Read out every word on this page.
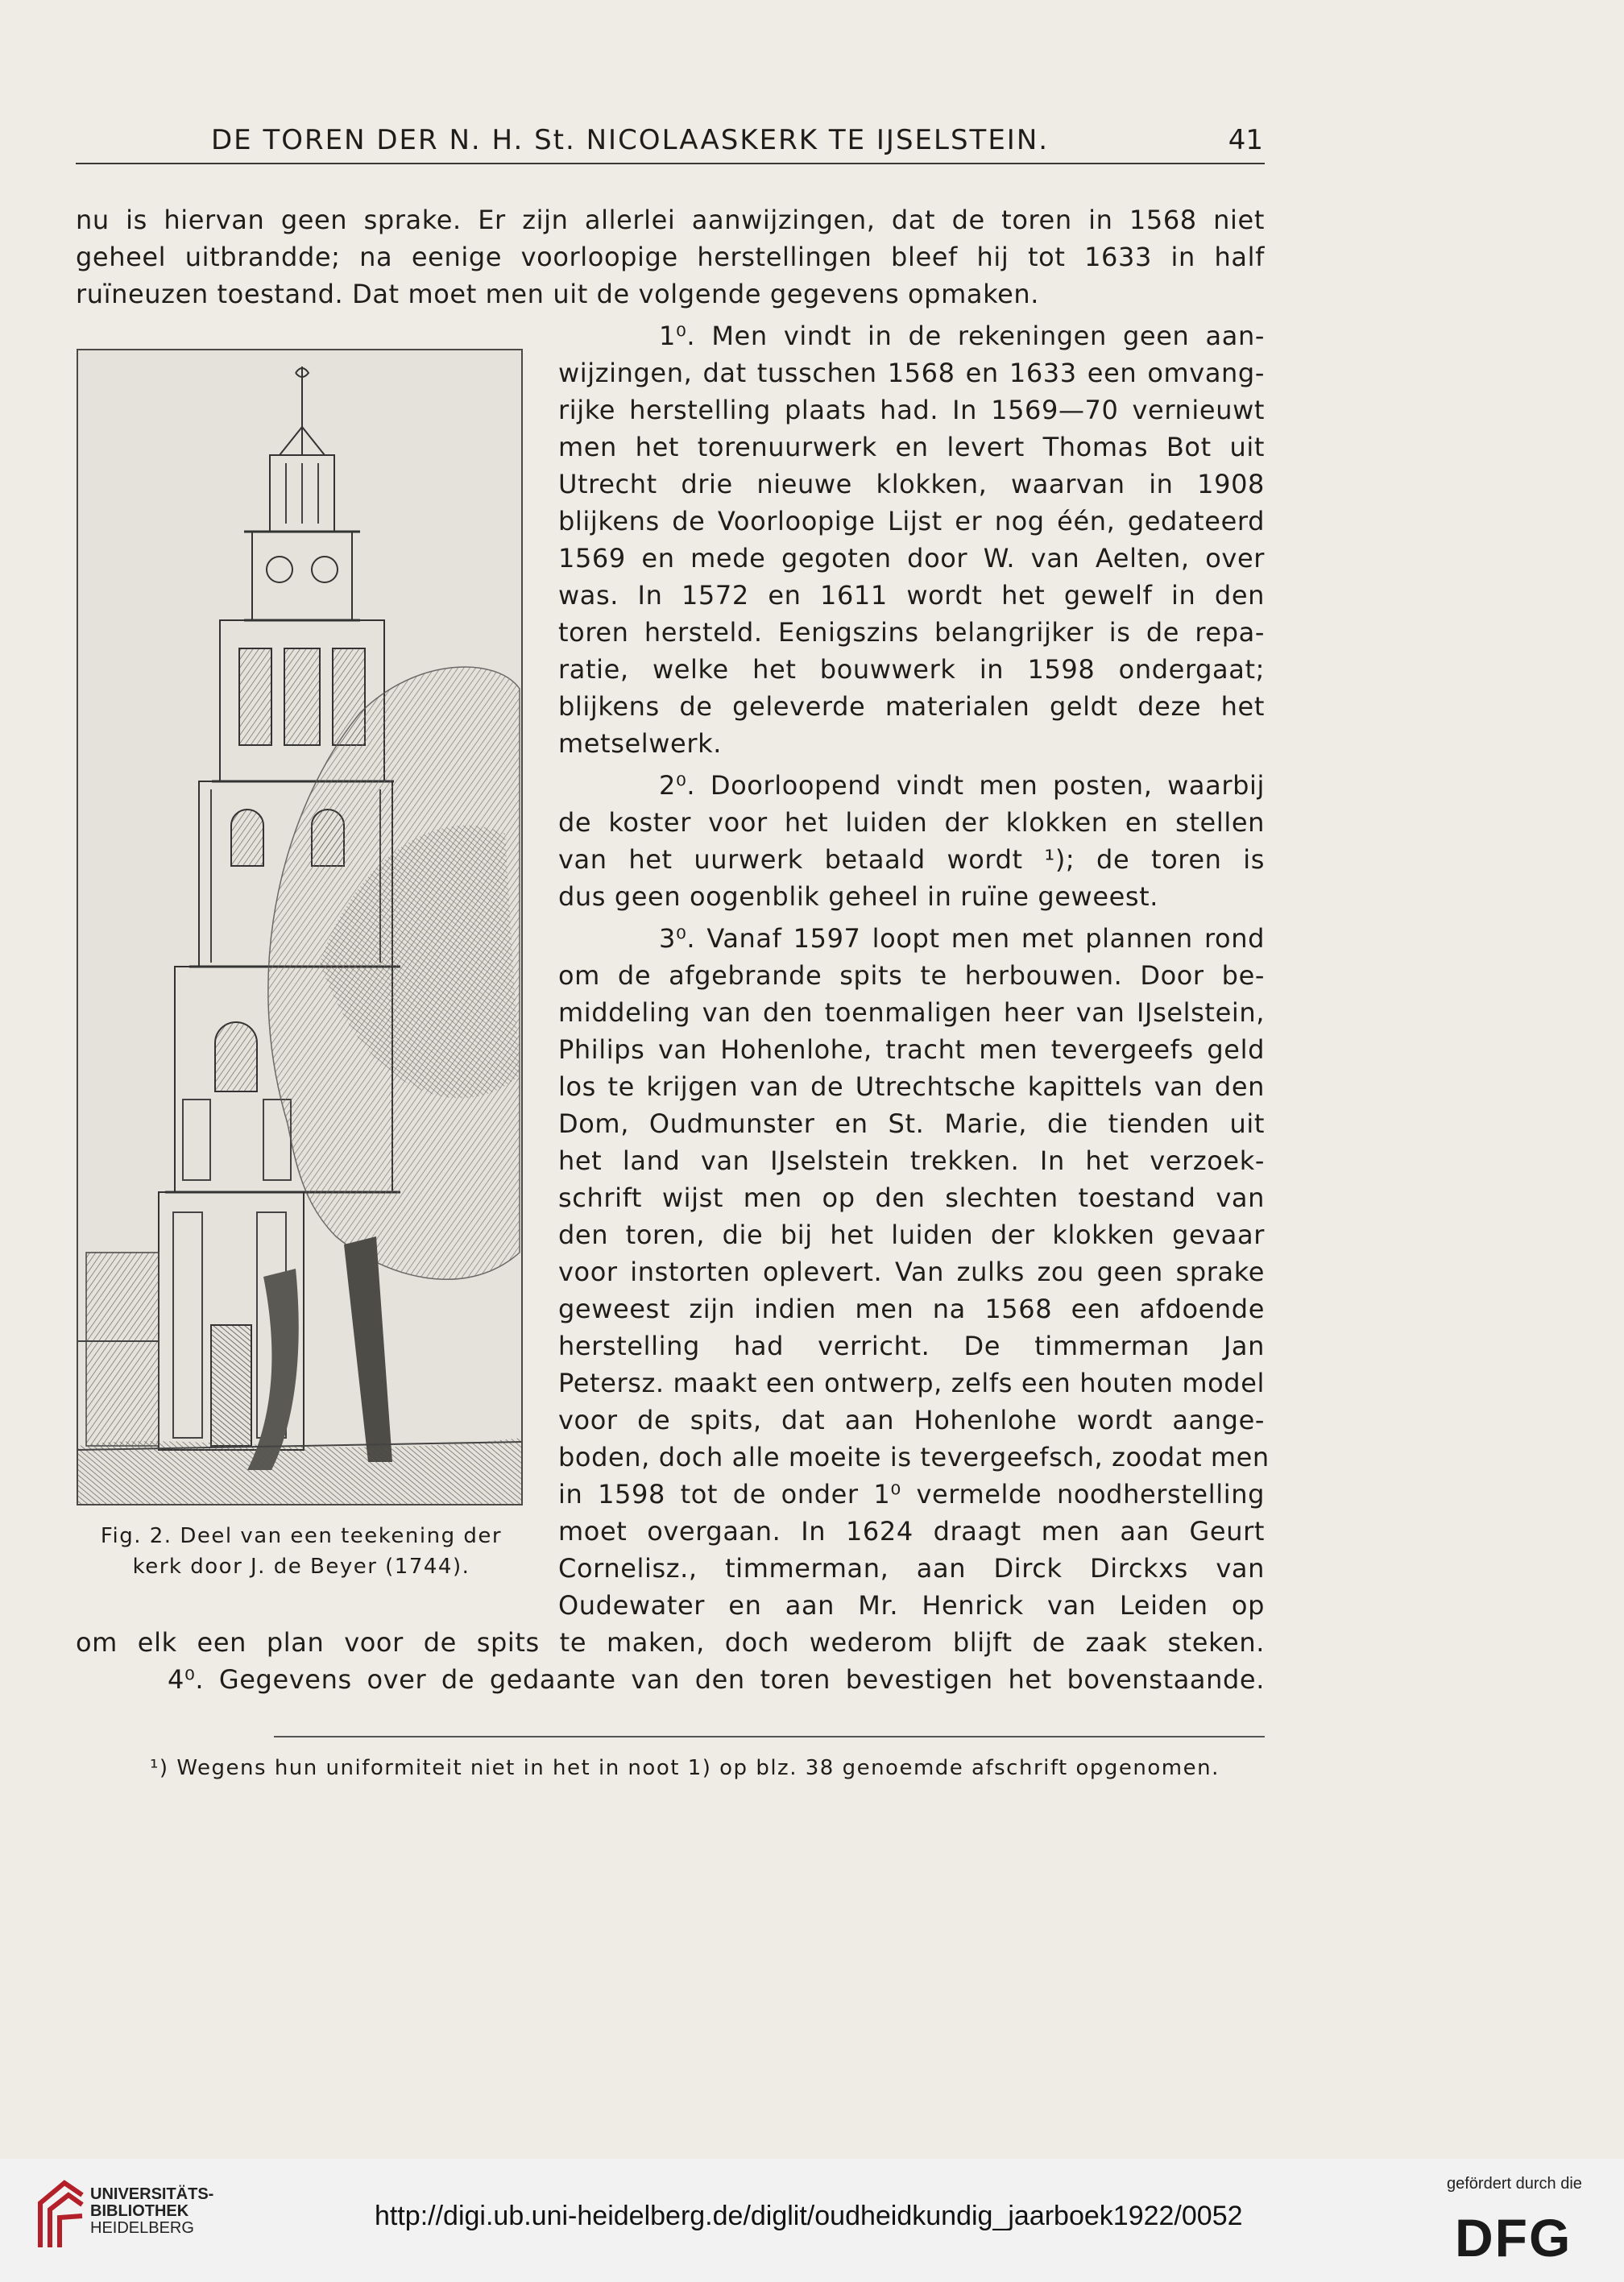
DE TOREN DER N. H. St. NICOLAASKERK TE IJSELSTEIN.	41
nu is hiervan geen sprake. Er zijn allerlei aanwijzingen, dat de toren in 1568 niet
geheel uitbrandde; na eenige voorloopige herstellingen bleef hij tot 1633 in half
ruïneuzen toestand. Dat moet men uit de volgende gegevens opmaken.
1⁰. Men vindt in de rekeningen geen aan-
wijzingen, dat tusschen 1568 en 1633 een omvang-
rijke herstelling plaats had. In 1569—70 vernieuwt
men het torenuurwerk en levert Thomas Bot uit
Utrecht drie nieuwe klokken, waarvan in 1908
blijkens de Voorloopige Lijst er nog één, gedateerd
1569 en mede gegoten door W. van Aelten, over
was. In 1572 en 1611 wordt het gewelf in den
toren hersteld. Eenigszins belangrijker is de repa-
ratie, welke het bouwwerk in 1598 ondergaat;
blijkens de geleverde materialen geldt deze het
metselwerk.
2⁰. Doorloopend vindt men posten, waarbij
de koster voor het luiden der klokken en stellen
van het uurwerk betaald wordt ¹); de toren is
dus geen oogenblik geheel in ruïne geweest.
3⁰. Vanaf 1597 loopt men met plannen rond
om de afgebrande spits te herbouwen. Door be-
middeling van den toenmaligen heer van IJselstein,
Philips van Hohenlohe, tracht men tevergeefs geld
los te krijgen van de Utrechtsche kapittels van den
Dom, Oudmunster en St. Marie, die tienden uit
het land van IJselstein trekken. In het verzoek-
schrift wijst men op den slechten toestand van
den toren, die bij het luiden der klokken gevaar
voor instorten oplevert. Van zulks zou geen sprake
geweest zijn indien men na 1568 een afdoende
herstelling had verricht. De timmerman Jan
Petersz. maakt een ontwerp, zelfs een houten model
voor de spits, dat aan Hohenlohe wordt aange-
boden, doch alle moeite is tevergeefsch, zoodat men
in 1598 tot de onder 1⁰ vermelde noodherstelling
moet overgaan. In 1624 draagt men aan Geurt
Cornelisz., timmerman, aan Dirck Dirckxs van
Oudewater en aan Mr. Henrick van Leiden op
om elk een plan voor de spits te maken, doch wederom blijft de zaak steken.
4⁰. Gegevens over de gedaante van den toren bevestigen het bovenstaande.
Fig. 2. Deel van een teekening der
kerk door J. de Beyer (1744).
¹) Wegens hun uniformiteit niet in het in noot 1) op blz. 38 genoemde afschrift opgenomen.
UNIVERSITÄTS-
BIBLIOTHEK
HEIDELBERG	http://digi.ub.uni-heidelberg.de/diglit/oudheidkundig_jaarboek1922/0052
gefördert durch die
DFG
